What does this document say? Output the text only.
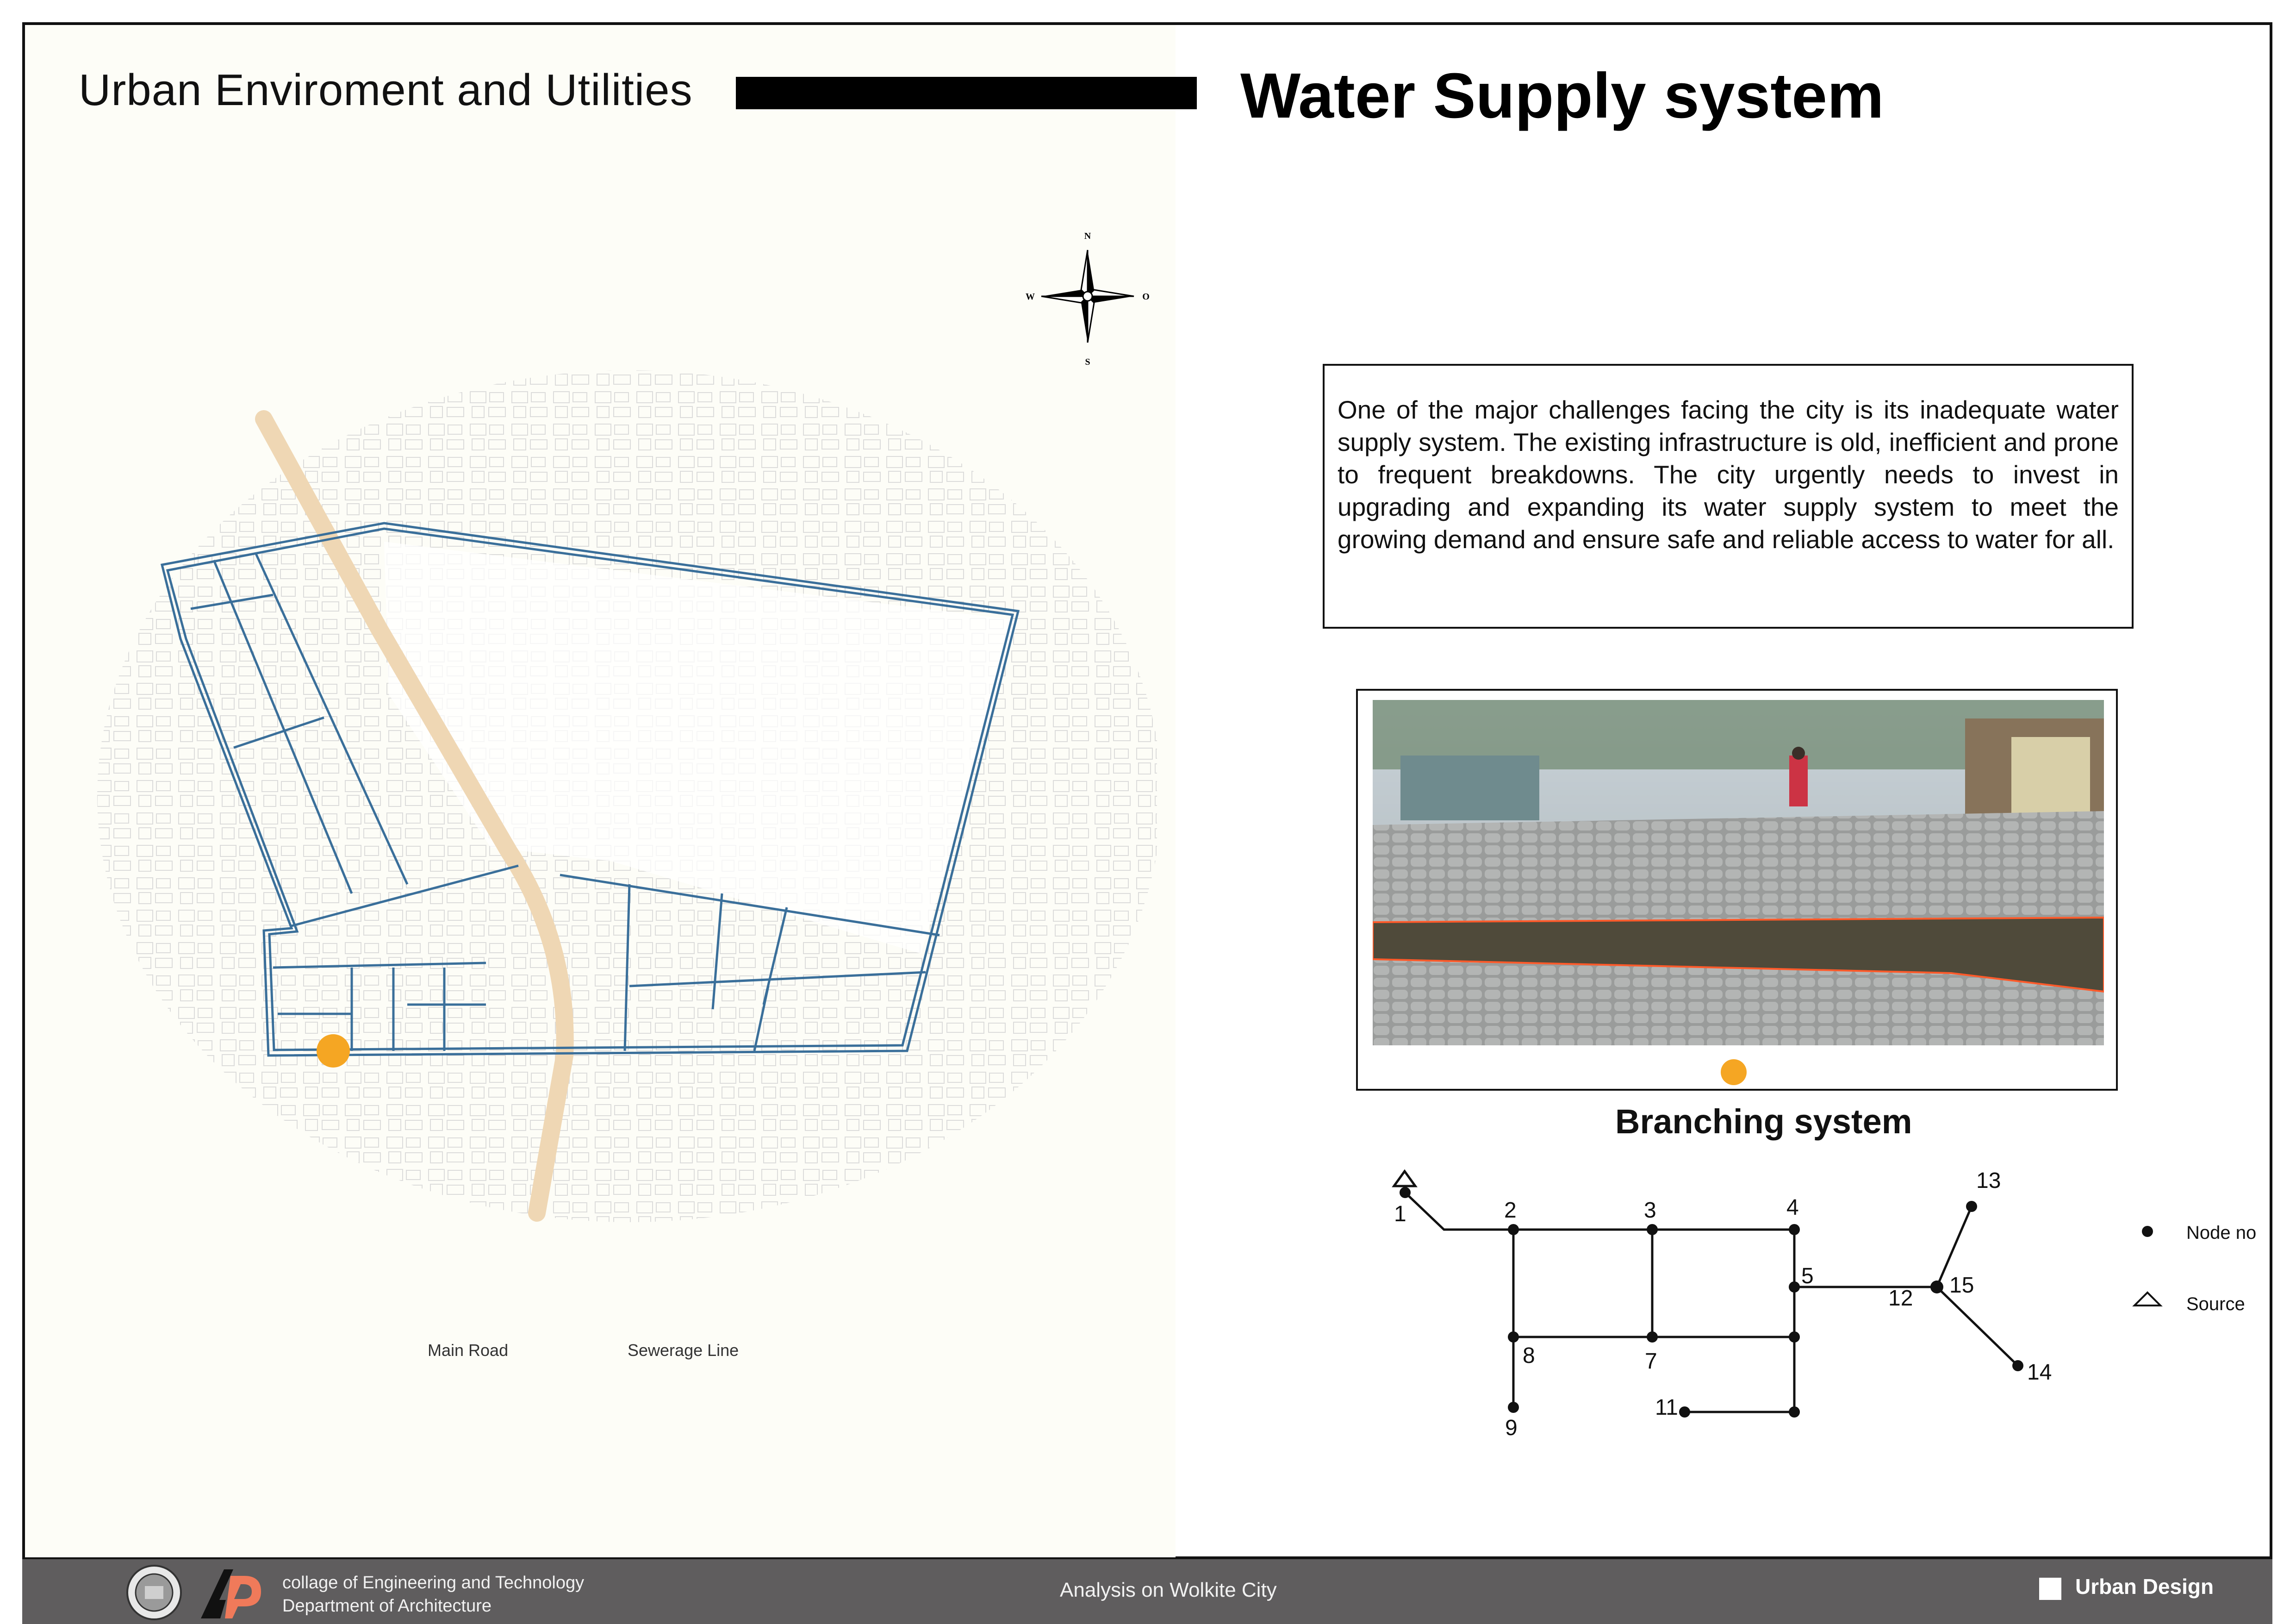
Urban Enviroment and Utilities	Water Supply system
N
S
W	O
Main Road	Sewerage Line
One of the major challenges facing the city is its inadequate water supply system. The existing infrastructure is old, inefficient and prone to frequent breakdowns. The city urgently needs to invest in upgrading and expanding its water supply system to meet the growing demand and ensure safe and reliable access to water for all.
Branching system
1	2	3	4
5
7
8
9
11
12
13
14
15
Node no
Source
collage of Engineering and Technology
Department of Architecture
Analysis on Wolkite City	Urban Design
